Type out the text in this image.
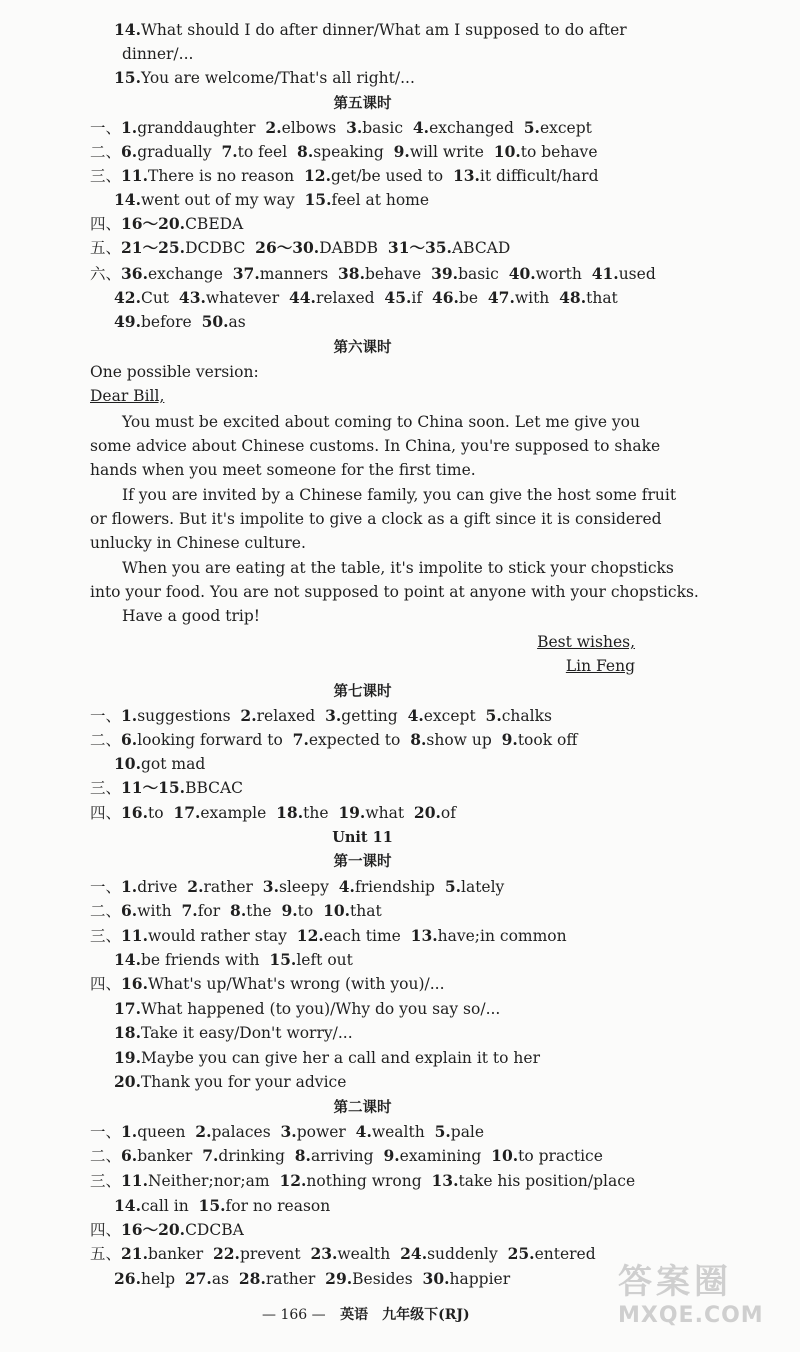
14.What should I do after dinner/What am I supposed to do after
dinner/...
15.You are welcome/That's all right/...
第五课时
一、1.granddaughter  2.elbows  3.basic  4.exchanged  5.except
二、6.gradually  7.to feel  8.speaking  9.will write  10.to behave
三、11.There is no reason  12.get/be used to  13.it difficult/hard
14.went out of my way  15.feel at home
四、16～20.CBEDA
五、21～25.DCDBC  26～30.DABDB  31～35.ABCAD
六、36.exchange  37.manners  38.behave  39.basic  40.worth  41.used
42.Cut  43.whatever  44.relaxed  45.if  46.be  47.with  48.that
49.before  50.as
第六课时
One possible version:
Dear Bill,
You must be excited about coming to China soon. Let me give you
some advice about Chinese customs. In China, you're supposed to shake
hands when you meet someone for the first time.
If you are invited by a Chinese family, you can give the host some fruit
or flowers. But it's impolite to give a clock as a gift since it is considered
unlucky in Chinese culture.
When you are eating at the table, it's impolite to stick your chopsticks
into your food. You are not supposed to point at anyone with your chopsticks.
Have a good trip!
Best wishes,
Lin Feng
第七课时
一、1.suggestions  2.relaxed  3.getting  4.except  5.chalks
二、6.looking forward to  7.expected to  8.show up  9.took off
10.got mad
三、11～15.BBCAC
四、16.to  17.example  18.the  19.what  20.of
Unit 11
第一课时
一、1.drive  2.rather  3.sleepy  4.friendship  5.lately
二、6.with  7.for  8.the  9.to  10.that
三、11.would rather stay  12.each time  13.have;in common
14.be friends with  15.left out
四、16.What's up/What's wrong (with you)/...
17.What happened (to you)/Why do you say so/...
18.Take it easy/Don't worry/...
19.Maybe you can give her a call and explain it to her
20.Thank you for your advice
第二课时
一、1.queen  2.palaces  3.power  4.wealth  5.pale
二、6.banker  7.drinking  8.arriving  9.examining  10.to practice
三、11.Neither;nor;am  12.nothing wrong  13.take his position/place
14.call in  15.for no reason
四、16～20.CDCBA
五、21.banker  22.prevent  23.wealth  24.suddenly  25.entered
26.help  27.as  28.rather  29.Besides  30.happier
— 166 — 英语　九年级下(RJ)
答案圈
MXQE.COM
